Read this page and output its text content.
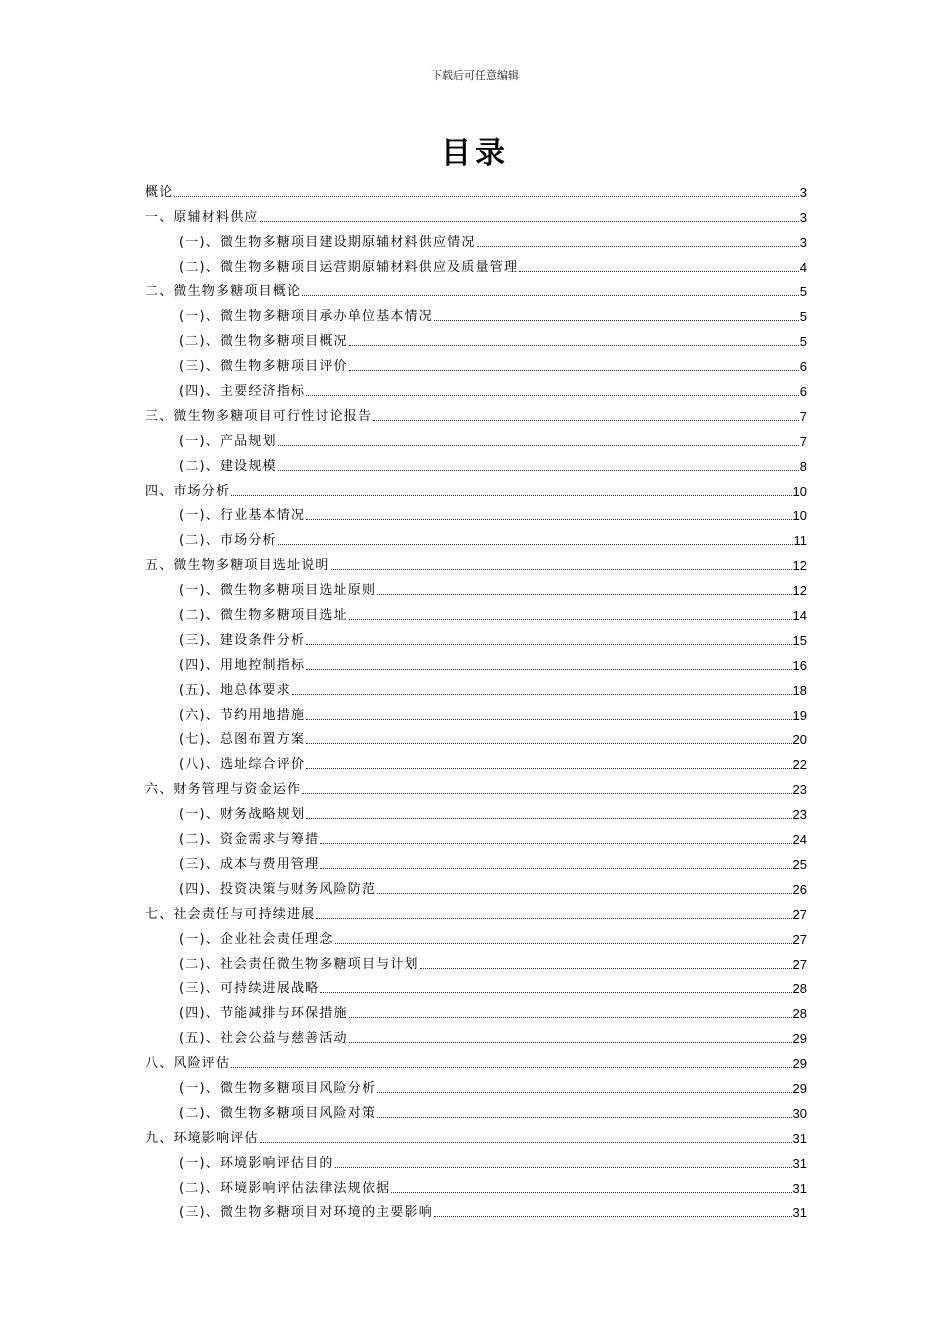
下载后可任意编辑
目录
概论	3
一、原辅材料供应	3
(一)、微生物多糖项目建设期原辅材料供应情况	3
(二)、微生物多糖项目运营期原辅材料供应及质量管理	4
二、微生物多糖项目概论	5
(一)、微生物多糖项目承办单位基本情况	5
(二)、微生物多糖项目概况	5
(三)、微生物多糖项目评价	6
(四)、主要经济指标	6
三、微生物多糖项目可行性讨论报告	7
(一)、产品规划	7
(二)、建设规模	8
四、市场分析	10
(一)、行业基本情况	10
(二)、市场分析	11
五、微生物多糖项目选址说明	12
(一)、微生物多糖项目选址原则	12
(二)、微生物多糖项目选址	14
(三)、建设条件分析	15
(四)、用地控制指标	16
(五)、地总体要求	18
(六)、节约用地措施	19
(七)、总图布置方案	20
(八)、选址综合评价	22
六、财务管理与资金运作	23
(一)、财务战略规划	23
(二)、资金需求与筹措	24
(三)、成本与费用管理	25
(四)、投资决策与财务风险防范	26
七、社会责任与可持续进展	27
(一)、企业社会责任理念	27
(二)、社会责任微生物多糖项目与计划	27
(三)、可持续进展战略	28
(四)、节能减排与环保措施	28
(五)、社会公益与慈善活动	29
八、风险评估	29
(一)、微生物多糖项目风险分析	29
(二)、微生物多糖项目风险对策	30
九、环境影响评估	31
(一)、环境影响评估目的	31
(二)、环境影响评估法律法规依据	31
(三)、微生物多糖项目对环境的主要影响	31
